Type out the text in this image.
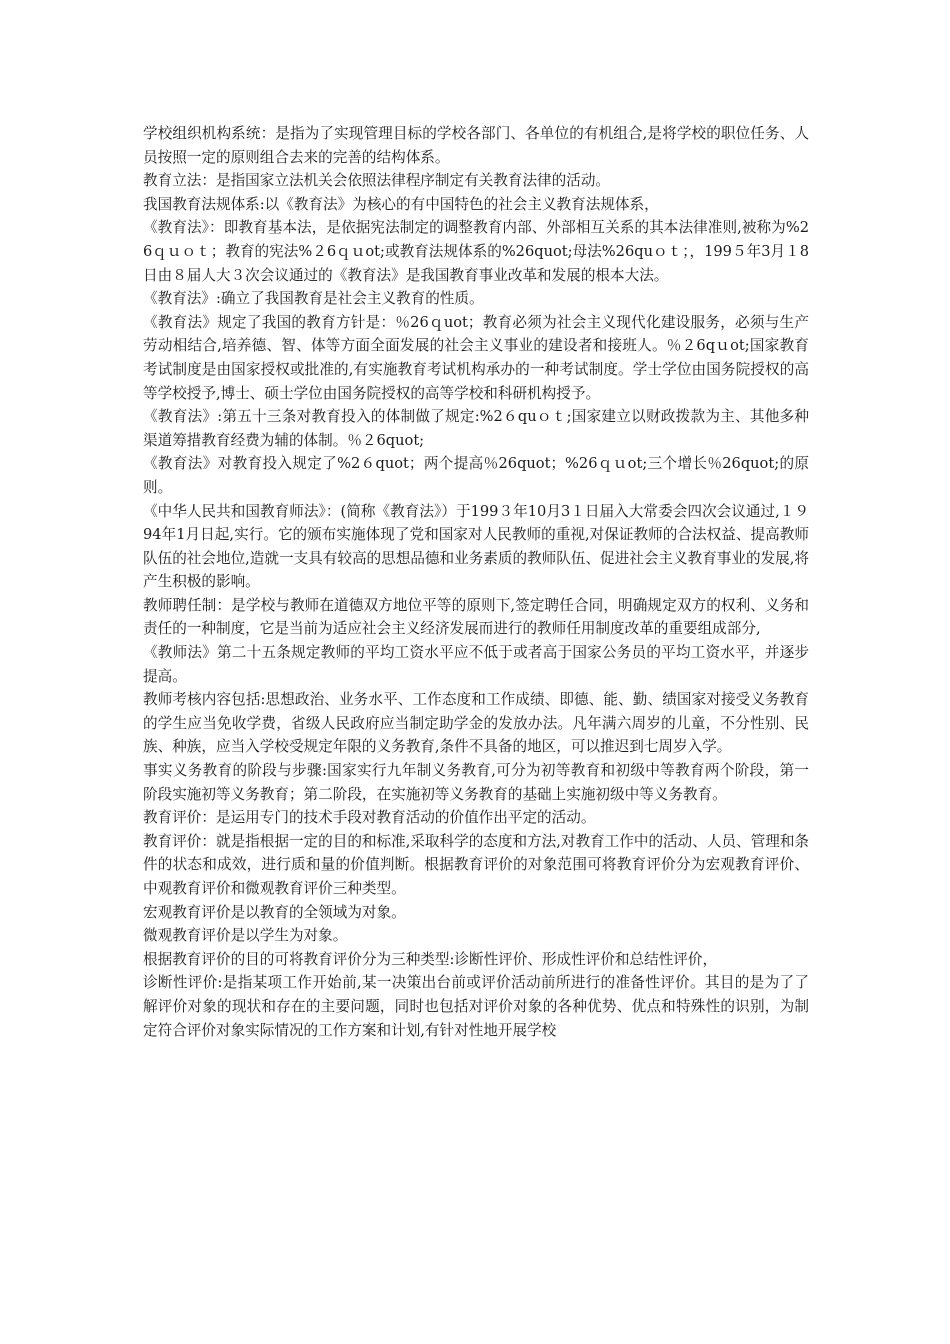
学校组织机构系统：是指为了实现管理目标的学校各部门、各单位的有机组合,是将学校的职位任务、人员按照一定的原则组合去来的完善的结构体系。

教育立法：是指国家立法机关会依照法律程序制定有关教育法律的活动。

我国教育法规体系:以《教育法》为核心的有中国特色的社会主义教育法规体系，

《教育法》：即教育基本法，是依据宪法制定的调整教育内部、外部相互关系的其本法律准则,被称为%26ｑｕｏｔ；教育的宪法%２6ｑｕot;或教育法规体系的%26quot;母法%26quｏｔ；，199５年3月１8日由８届人大３次会议通过的《教育法》是我国教育事业改革和发展的根本大法。

《教育法》:确立了我国教育是社会主义教育的性质。

《教育法》规定了我国的教育方针是：％26ｑuot；教育必须为社会主义现代化建设服务，必须与生产劳动相结合,培养德、智、体等方面全面发展的社会主义事业的建设者和接班人。％２6qｕot;国家教育考试制度是由国家授权或批准的,有实施教育考试机构承办的一种考试制度。学士学位由国务院授权的高等学校授予,博士、硕士学位由国务院授权的高等学校和科研机构授予。

《教育法》:第五十三条对教育投入的体制做了规定:%2６quｏｔ;国家建立以财政拨款为主、其他多种渠道筹措教育经费为辅的体制。％２6quot;

《教育法》对教育投入规定了%2６quot；两个提高％26quot；%26ｑｕot;三个增长％26quot;的原则。

《中华人民共和国教育师法》：(简称《教育法》）于199３年10月3１日届入大常委会四次会议通过,１９94年1月日起,实行。它的颁布实施体现了党和国家对人民教师的重视,对保证教师的合法权益、提高教师队伍的社会地位,造就一支具有较高的思想品德和业务素质的教师队伍、促进社会主义教育事业的发展,将产生积极的影响。

教师聘任制：是学校与教师在道德双方地位平等的原则下,签定聘任合同，明确规定双方的权利、义务和责任的一种制度，它是当前为适应社会主义经济发展而进行的教师任用制度改革的重要组成部分,

《教师法》第二十五条规定教师的平均工资水平应不低于或者高于国家公务员的平均工资水平，并逐步提高。

教师考核内容包括:思想政治、业务水平、工作态度和工作成绩、即德、能、勤、绩国家对接受义务教育的学生应当免收学费，省级人民政府应当制定助学金的发放办法。凡年满六周岁的儿童，不分性别、民族、种族，应当入学校受规定年限的义务教育,条件不具备的地区，可以推迟到七周岁入学。

事实义务教育的阶段与步骤:国家实行九年制义务教育,可分为初等教育和初级中等教育两个阶段，第一阶段实施初等义务教育；第二阶段，在实施初等义务教育的基础上实施初级中等义务教育。

教育评价：是运用专门的技术手段对教育活动的价值作出平定的活动。

教育评价：就是指根据一定的目的和标准,采取科学的态度和方法,对教育工作中的活动、人员、管理和条件的状态和成效，进行质和量的价值判断。根据教育评价的对象范围可将教育评价分为宏观教育评价、中观教育评价和微观教育评价三种类型。

宏观教育评价是以教育的全领域为对象。

微观教育评价是以学生为对象。

根据教育评价的目的可将教育评价分为三种类型:诊断性评价、形成性评价和总结性评价，

诊断性评价:是指某项工作开始前,某一决策出台前或评价活动前所进行的准备性评价。其目的是为了了解评价对象的现状和存在的主要问题，同时也包括对评价对象的各种优势、优点和特殊性的识别，为制定符合评价对象实际情况的工作方案和计划,有针对性地开展学校
